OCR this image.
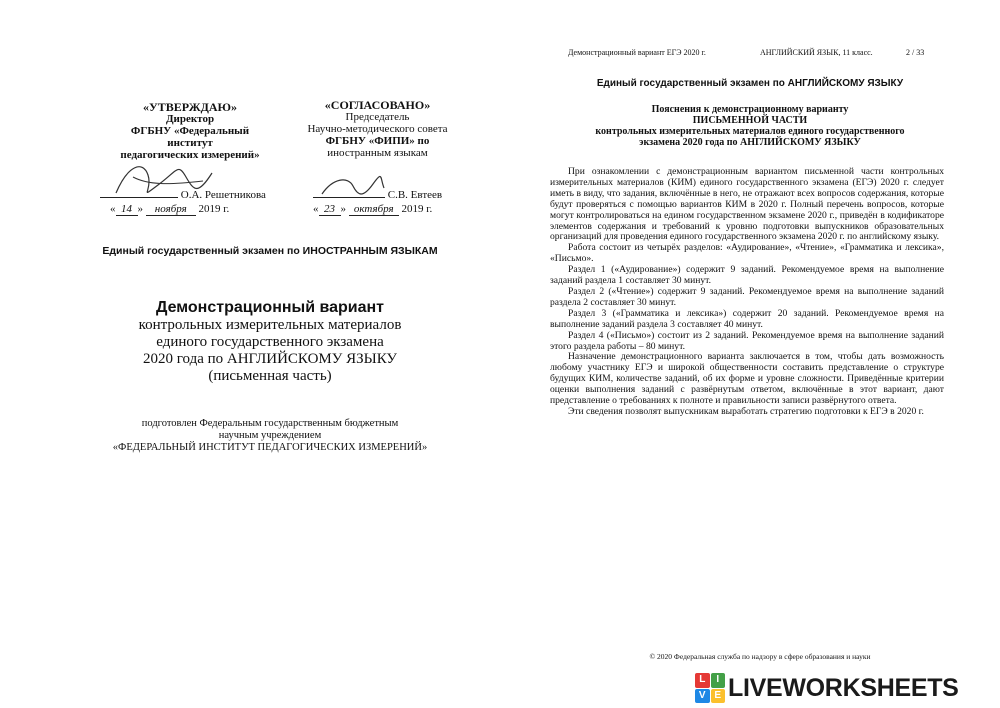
«УТВЕРЖДАЮ»
Директор
ФГБНУ «Федеральный институт
педагогических измерений»
«СОГЛАСОВАНО»
Председатель
Научно-методического совета
ФГБНУ «ФИПИ» по
иностранным языкам
О.А. Решетникова
« 14 » ноября 2019 г.
С.В. Евтеев
« 23 » октября 2019 г.
Единый государственный экзамен по ИНОСТРАННЫМ ЯЗЫКАМ
Демонстрационный вариант
контрольных измерительных материалов
единого государственного экзамена
2020 года по АНГЛИЙСКОМУ ЯЗЫКУ
(письменная часть)
подготовлен Федеральным государственным бюджетным
научным учреждением
«ФЕДЕРАЛЬНЫЙ ИНСТИТУТ ПЕДАГОГИЧЕСКИХ ИЗМЕРЕНИЙ»
Демонстрационный вариант ЕГЭ 2020 г.	АНГЛИЙСКИЙ ЯЗЫК, 11 класс.	2 / 33
Единый государственный экзамен по АНГЛИЙСКОМУ ЯЗЫКУ
Пояснения к демонстрационному варианту
ПИСЬМЕННОЙ ЧАСТИ
контрольных измерительных материалов единого государственного
экзамена 2020 года по АНГЛИЙСКОМУ ЯЗЫКУ

При ознакомлении с демонстрационным вариантом письменной части контрольных измерительных материалов (КИМ) единого государственного экзамена (ЕГЭ) 2020 г. следует иметь в виду, что задания, включённые в него, не отражают всех вопросов содержания, которые будут проверяться с помощью вариантов КИМ в 2020 г. Полный перечень вопросов, которые могут контролироваться на едином государственном экзамене 2020 г., приведён в кодификаторе элементов содержания и требований к уровню подготовки выпускников образовательных организаций для проведения единого государственного экзамена 2020 г. по английскому языку.

Работа состоит из четырёх разделов: «Аудирование», «Чтение», «Грамматика и лексика», «Письмо».

Раздел 1 («Аудирование») содержит 9 заданий. Рекомендуемое время на выполнение заданий раздела 1 составляет 30 минут.

Раздел 2 («Чтение») содержит 9 заданий. Рекомендуемое время на выполнение заданий раздела 2 составляет 30 минут.

Раздел 3 («Грамматика и лексика») содержит 20 заданий. Рекомендуемое время на выполнение заданий раздела 3 составляет 40 минут.

Раздел 4 («Письмо») состоит из 2 заданий. Рекомендуемое время на выполнение заданий этого раздела работы – 80 минут.

Назначение демонстрационного варианта заключается в том, чтобы дать возможность любому участнику ЕГЭ и широкой общественности составить представление о структуре будущих КИМ, количестве заданий, об их форме и уровне сложности. Приведённые критерии оценки выполнения заданий с развёрнутым ответом, включённые в этот вариант, дают представление о требованиях к полноте и правильности записи развёрнутого ответа.

Эти сведения позволят выпускникам выработать стратегию подготовки к ЕГЭ в 2020 г.

© 2020 Федеральная служба по надзору в сфере образования и науки
L	I
V E LIVEWORKSHEETS
